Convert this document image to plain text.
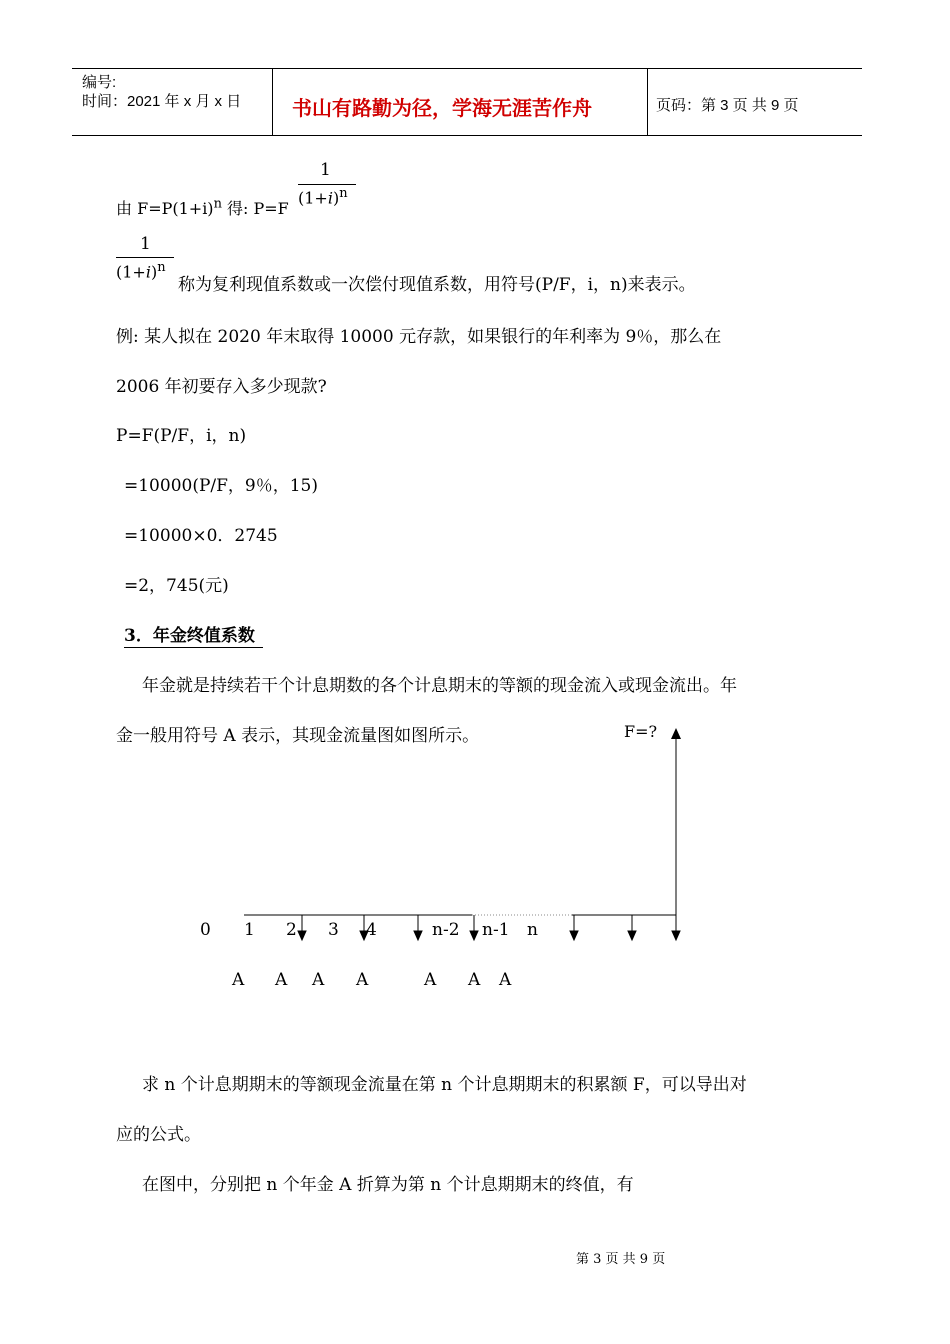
编号:
时间：2021 年 x 月 x 日	书山有路勤为径，学海无涯苦作舟	页码：第 3 页 共 9 页
1
由 $F=P(1+i)^n$ 得: P=F
$(1+i)^n$
1
$(1+i)^n$
称为复利现值系数或一次偿付现值系数，用符号(P/F，i，n)来表示。
例: 某人拟在 2020 年末取得 10000 元存款，如果银行的年利率为 9％，那么在
2006 年初要存入多少现款?
P=F(P/F，i，n)
=10000(P/F，9％，15)
=10000×0．2745
=2，745(元)
3．年金终值系数
年金就是持续若干个计息期数的各个计息期末的等额的现金流入或现金流出。年
金一般用符号 A 表示，其现金流量图如图所示。	F=?
0 1 2 3 4	n-2 n-1 n
A A A A	A A A
求 n 个计息期期末的等额现金流量在第 n 个计息期期末的积累额 F，可以导出对
应的公式。
在图中，分别把 n 个年金 A 折算为第 n 个计息期期末的终值，有
第 3 页 共 9 页
